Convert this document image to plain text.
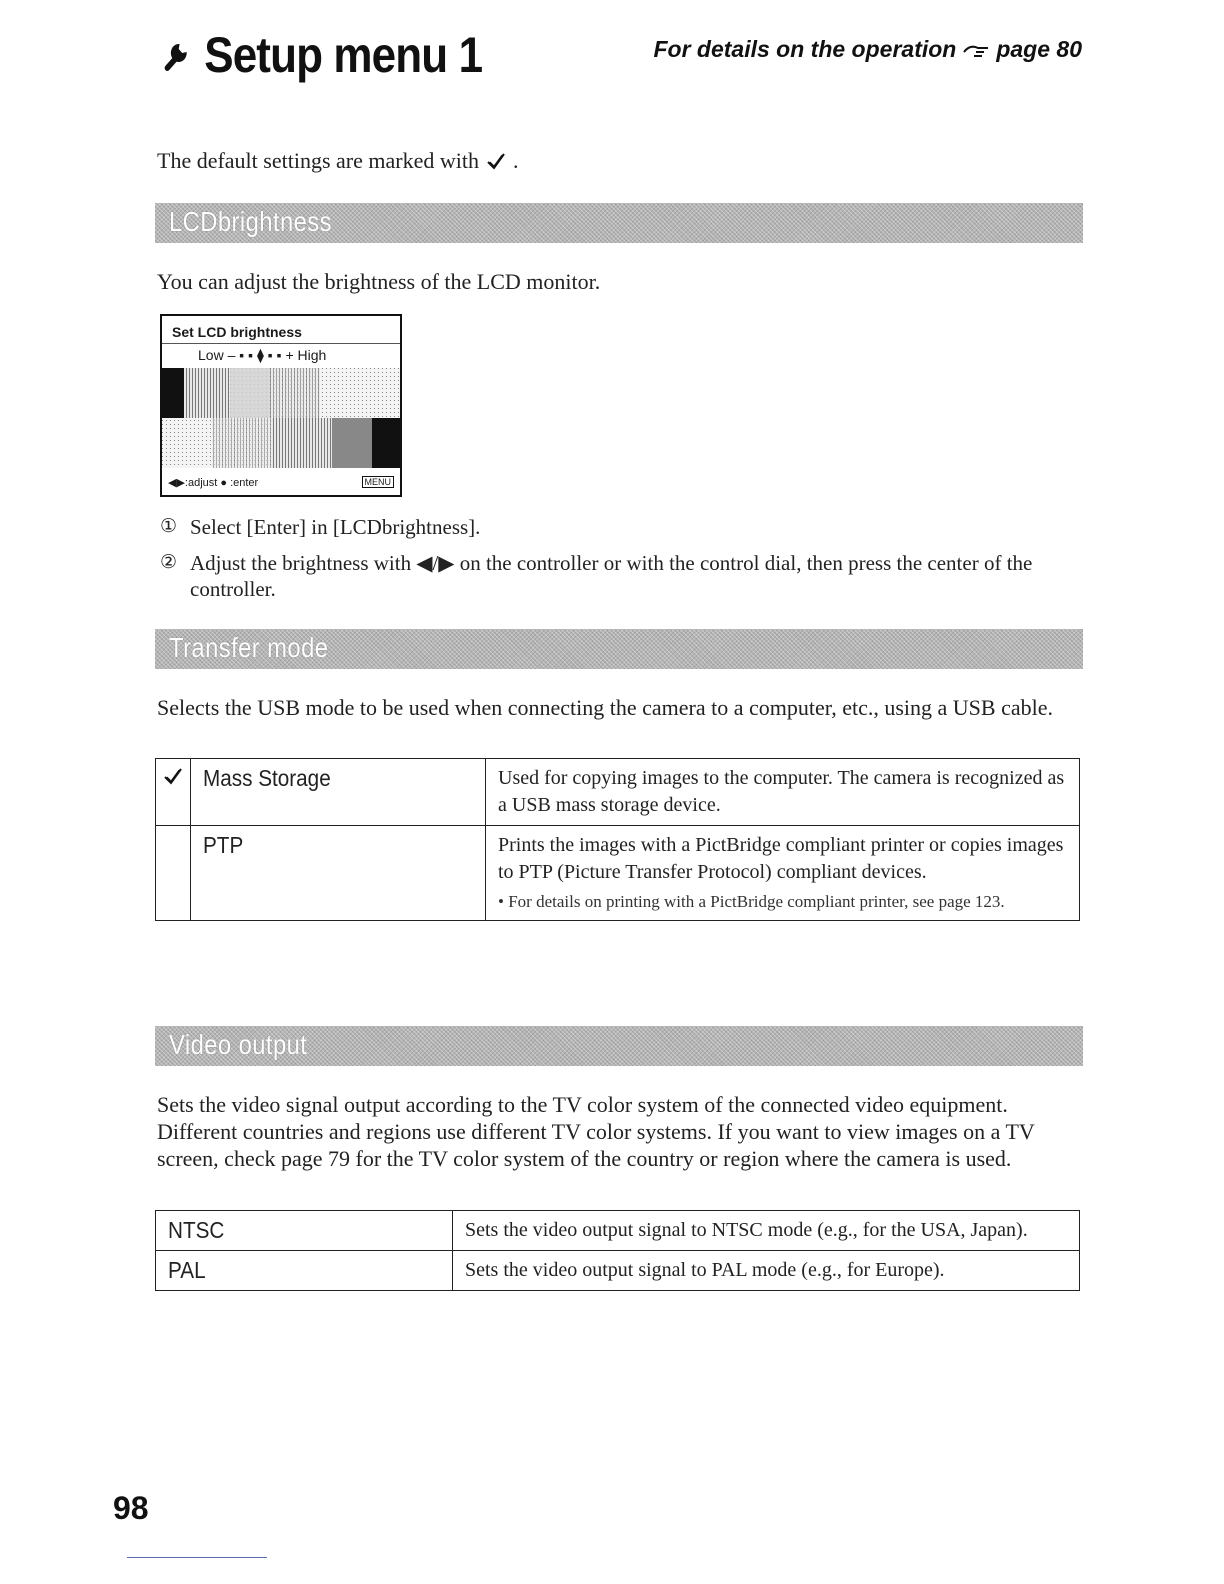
Setup menu 1	For details on the operation page 80
The default settings are marked with .
LCDbrightness
You can adjust the brightness of the LCD monitor.
Set LCD brightness
Low – ▪ ▪ ⧫ ▪ ▪ + High
◀▶:adjust ● :enter	MENU
① Select [Enter] in [LCDbrightness].
② Adjust the brightness with ◀/▶ on the controller or with the control dial, then press the center of the controller.
Transfer mode
Selects the USB mode to be used when connecting the camera to a computer, etc., using a USB cable.
	Mass Storage	Used for copying images to the computer. The camera is recognized as a USB mass storage device.

	PTP	Prints the images with a PictBridge compliant printer or copies images to PTP (Picture Transfer Protocol) compliant devices.
• For details on printing with a PictBridge compliant printer, see page 123.
Video output
Sets the video signal output according to the TV color system of the connected video equipment. Different countries and regions use different TV color systems. If you want to view images on a TV screen, check page 79 for the TV color system of the country or region where the camera is used.
NTSC	Sets the video output signal to NTSC mode (e.g., for the USA, Japan).

PAL	Sets the video output signal to PAL mode (e.g., for Europe).
98
